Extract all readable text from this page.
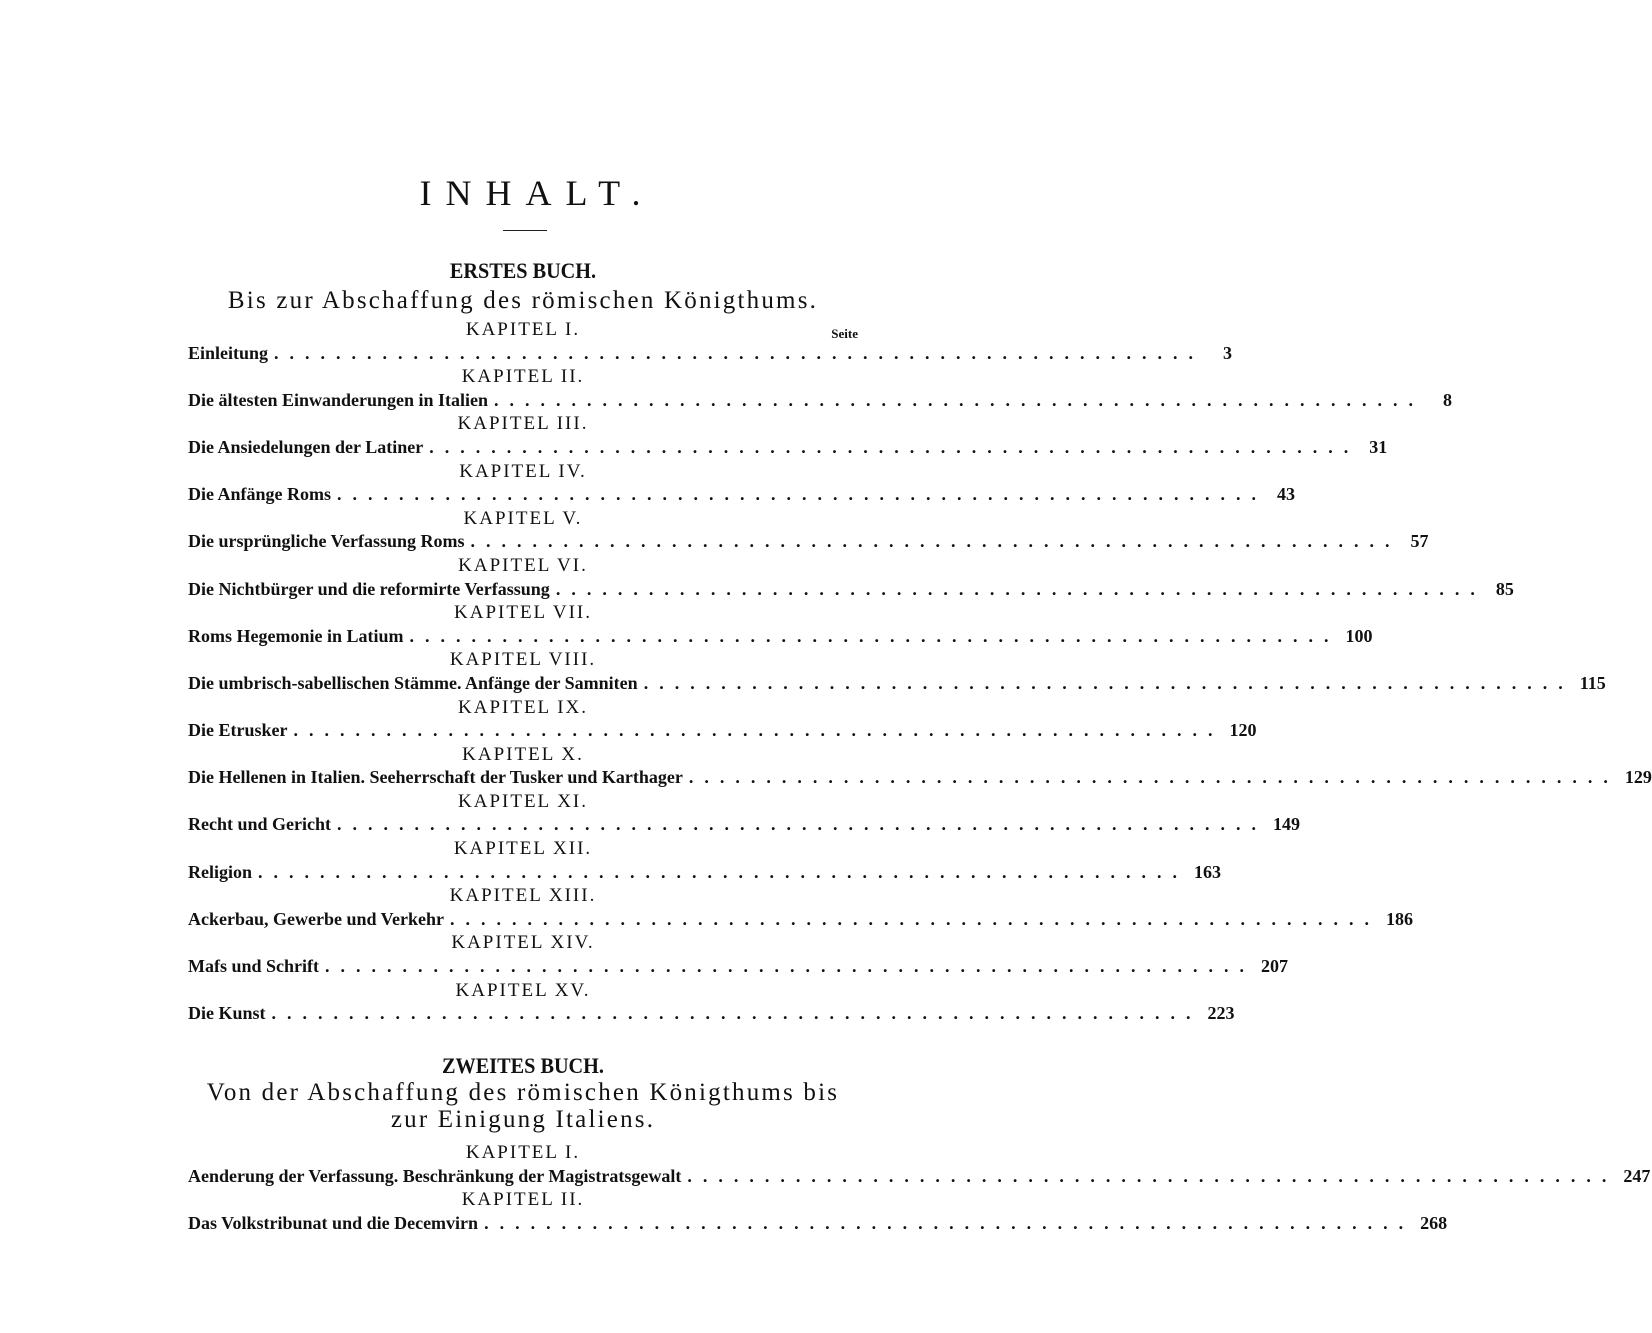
INHALT.
ERSTES BUCH.
Bis zur Abschaffung des römischen Königthums.
KAPITEL I.	Seite
Einleitung ............................................................	3
KAPITEL II.
Die ältesten Einwanderungen in Italien ............................................................	8
KAPITEL III.
Die Ansiedelungen der Latiner ............................................................ 31
KAPITEL IV.
Die Anfänge Roms ............................................................ 43
KAPITEL V.
Die ursprüngliche Verfassung Roms ............................................................ 57
KAPITEL VI.
Die Nichtbürger und die reformirte Verfassung ............................................................ 85
KAPITEL VII.
Roms Hegemonie in Latium ............................................................ 100
KAPITEL VIII.
Die umbrisch-sabellischen Stämme. Anfänge der Samniten ............................................................ 115
KAPITEL IX.
Die Etrusker ............................................................ 120
KAPITEL X.
Die Hellenen in Italien. Seeherrschaft der Tusker und Karthager ............................................................ 129
KAPITEL XI.
Recht und Gericht ............................................................ 149
KAPITEL XII.
Religion ............................................................ 163
KAPITEL XIII.
Ackerbau, Gewerbe und Verkehr ............................................................ 186
KAPITEL XIV.
Mafs und Schrift ............................................................ 207
KAPITEL XV.
Die Kunst ............................................................ 223
ZWEITES BUCH.
Von der Abschaffung des römischen Königthums bis
zur Einigung Italiens.
KAPITEL I.
Aenderung der Verfassung. Beschränkung der Magistratsgewalt ............................................................ 247
KAPITEL II.
Das Volkstribunat und die Decemvirn ............................................................ 268
